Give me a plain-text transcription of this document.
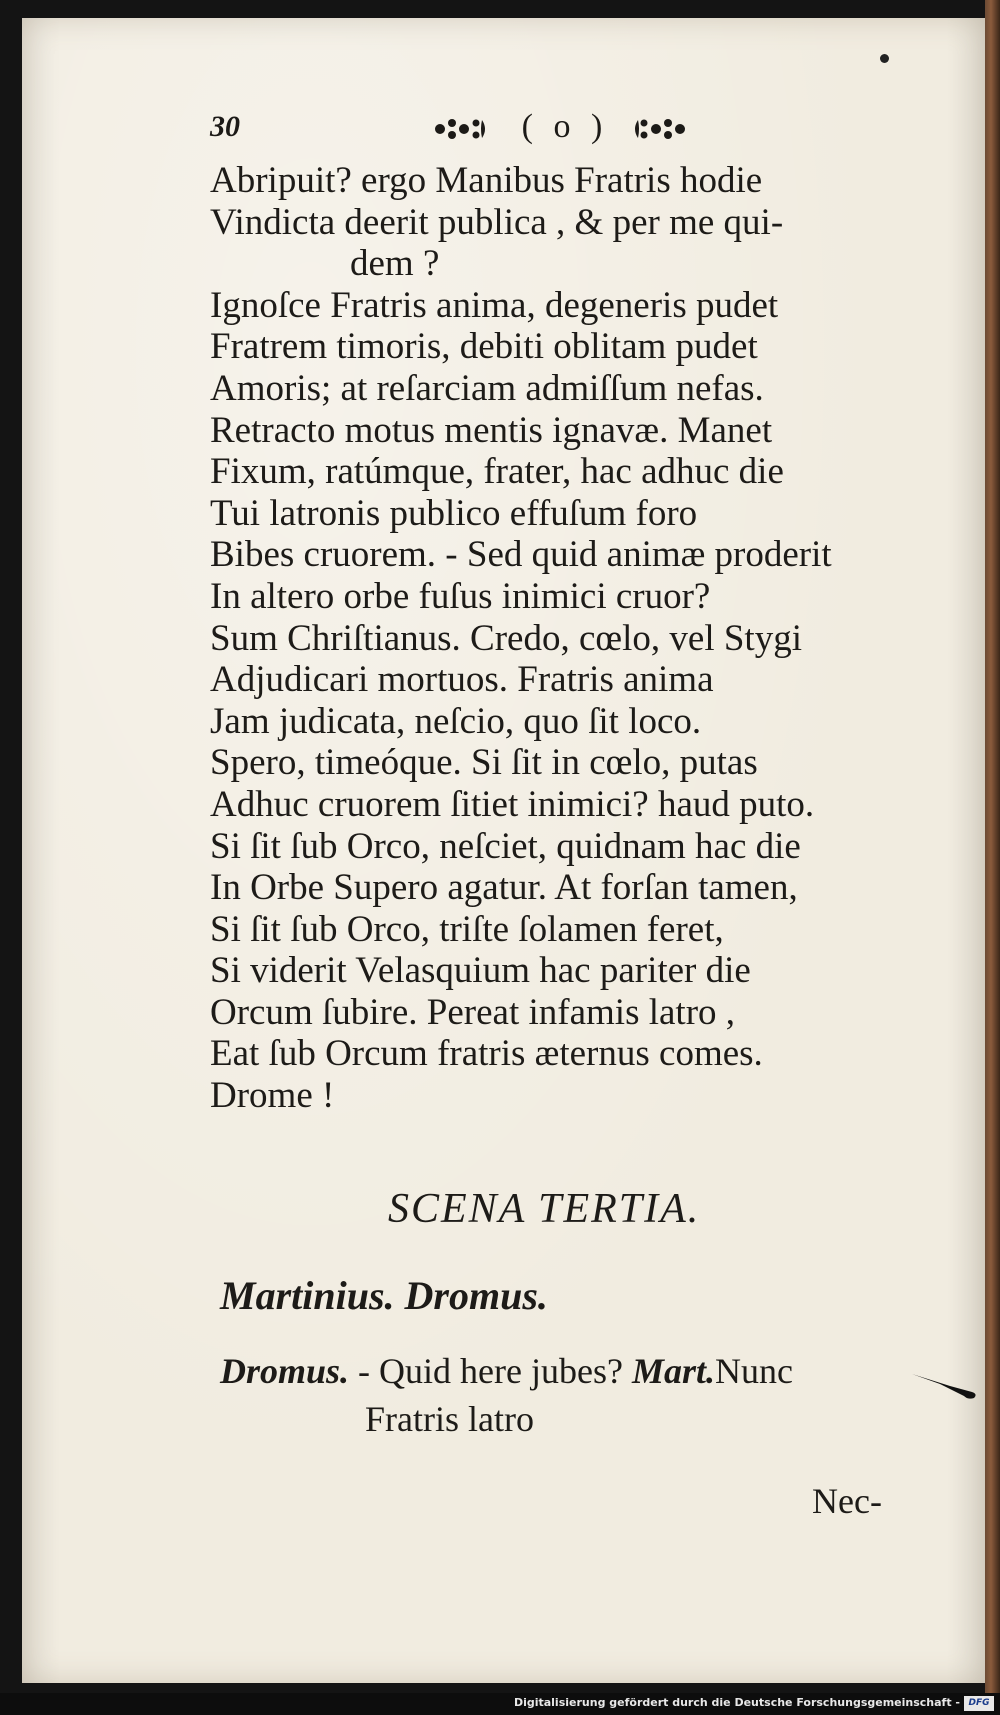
30	( o )

Abripuit? ergo Manibus Fratris hodie

Vindicta deerit publica , & per me qui-

dem ?

Ignoſce Fratris anima, degeneris pudet

Fratrem timoris, debiti oblitam pudet

Amoris; at reſarciam admiſſum nefas.

Retracto motus mentis ignavæ. Manet

Fixum, ratúmque, frater, hac adhuc die

Tui latronis publico effuſum foro

Bibes cruorem. - Sed quid animæ proderit

In altero orbe fuſus inimici cruor?

Sum Chriſtianus. Credo, cœlo, vel Stygi

Adjudicari mortuos. Fratris anima

Jam judicata, neſcio, quo ſit loco.

Spero, timeóque. Si ſit in cœlo, putas

Adhuc cruorem ſitiet inimici? haud puto.

Si ſit ſub Orco, neſciet, quidnam hac die

In Orbe Supero agatur. At forſan tamen,

Si ſit ſub Orco, triſte ſolamen feret,

Si viderit Velasquium hac pariter die

Orcum ſubire. Pereat infamis latro ,

Eat ſub Orcum fratris æternus comes.

Drome !

SCENA TERTIA.
Martinius. Dromus.
Dromus. - Quid here jubes? Mart.Nunc
Fratris latro
Nec-
Digitalisierung gefördert durch die Deutsche Forschungsgemeinschaft - DFG
